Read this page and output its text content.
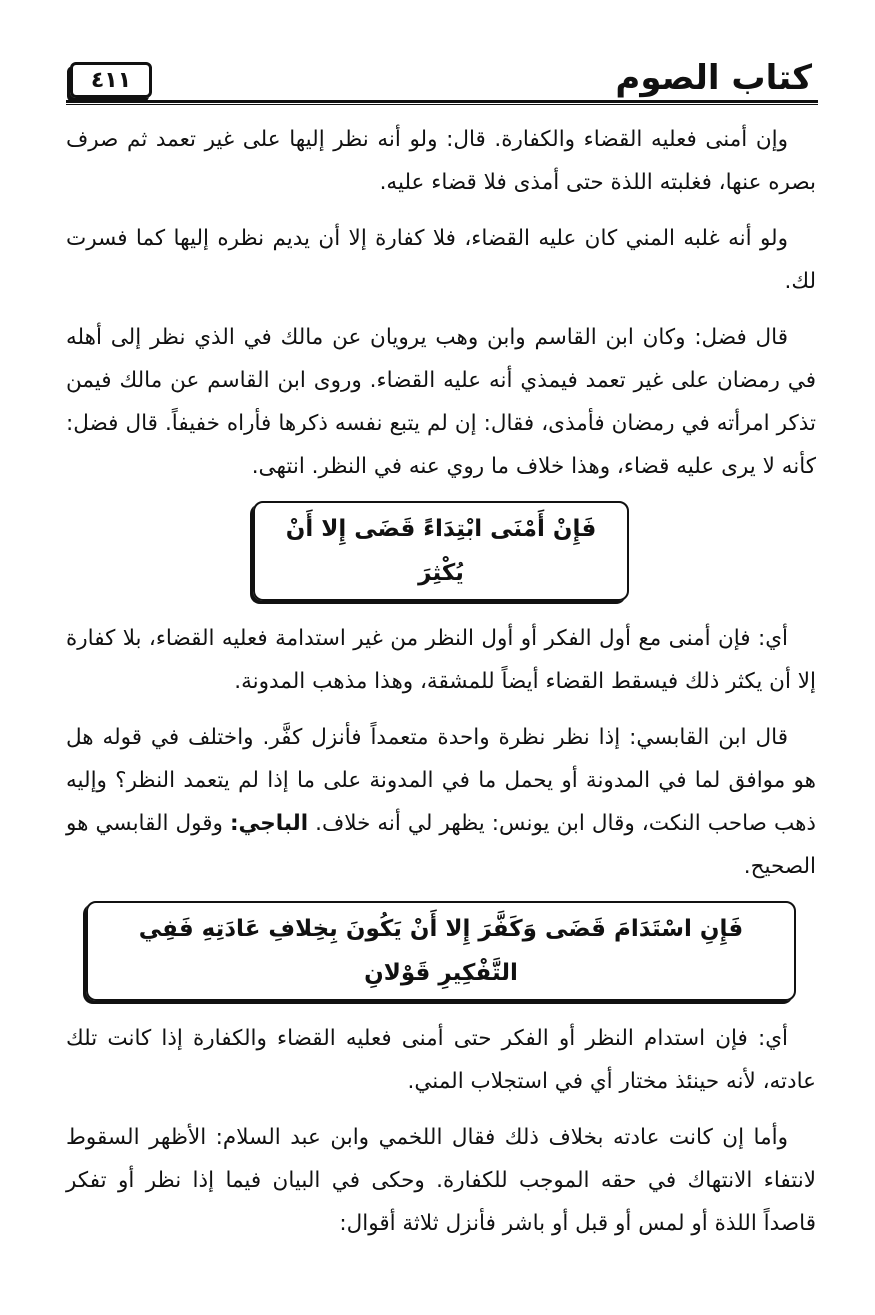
كتاب الصوم
٤١١

وإن أمنى فعليه القضاء والكفارة. قال: ولو أنه نظر إليها على غير تعمد ثم صرف بصره عنها، فغلبته اللذة حتى أمذى فلا قضاء عليه.

ولو أنه غلبه المني كان عليه القضاء، فلا كفارة إلا أن يديم نظره إليها كما فسرت لك.

قال فضل: وكان ابن القاسم وابن وهب يرويان عن مالك في الذي نظر إلى أهله في رمضان على غير تعمد فيمذي أنه عليه القضاء. وروى ابن القاسم عن مالك فيمن تذكر امرأته في رمضان فأمذى، فقال: إن لم يتبع نفسه ذكرها فأراه خفيفاً. قال فضل: كأنه لا يرى عليه قضاء، وهذا خلاف ما روي عنه في النظر. انتهى.

فَإِنْ أَمْنَى ابْتِدَاءً قَضَى إِلا أَنْ يُكْثِرَ

أي: فإن أمنى مع أول الفكر أو أول النظر من غير استدامة فعليه القضاء، بلا كفارة إلا أن يكثر ذلك فيسقط القضاء أيضاً للمشقة، وهذا مذهب المدونة.

قال ابن القابسي: إذا نظر نظرة واحدة متعمداً فأنزل كفَّر. واختلف في قوله هل هو موافق لما في المدونة أو يحمل ما في المدونة على ما إذا لم يتعمد النظر؟ وإليه ذهب صاحب النكت، وقال ابن يونس: يظهر لي أنه خلاف. الباجي: وقول القابسي هو الصحيح.

فَإِنِ اسْتَدَامَ قَضَى وَكَفَّرَ إِلا أَنْ يَكُونَ بِخِلافِ عَادَتِهِ فَفِي التَّفْكِيرِ قَوْلانِ

أي: فإن استدام النظر أو الفكر حتى أمنى فعليه القضاء والكفارة إذا كانت تلك عادته، لأنه حينئذ مختار أي في استجلاب المني.

وأما إن كانت عادته بخلاف ذلك فقال اللخمي وابن عبد السلام: الأظهر السقوط لانتفاء الانتهاك في حقه الموجب للكفارة. وحكى في البيان فيما إذا نظر أو تفكر قاصداً اللذة أو لمس أو قبل أو باشر فأنزل ثلاثة أقوال:
